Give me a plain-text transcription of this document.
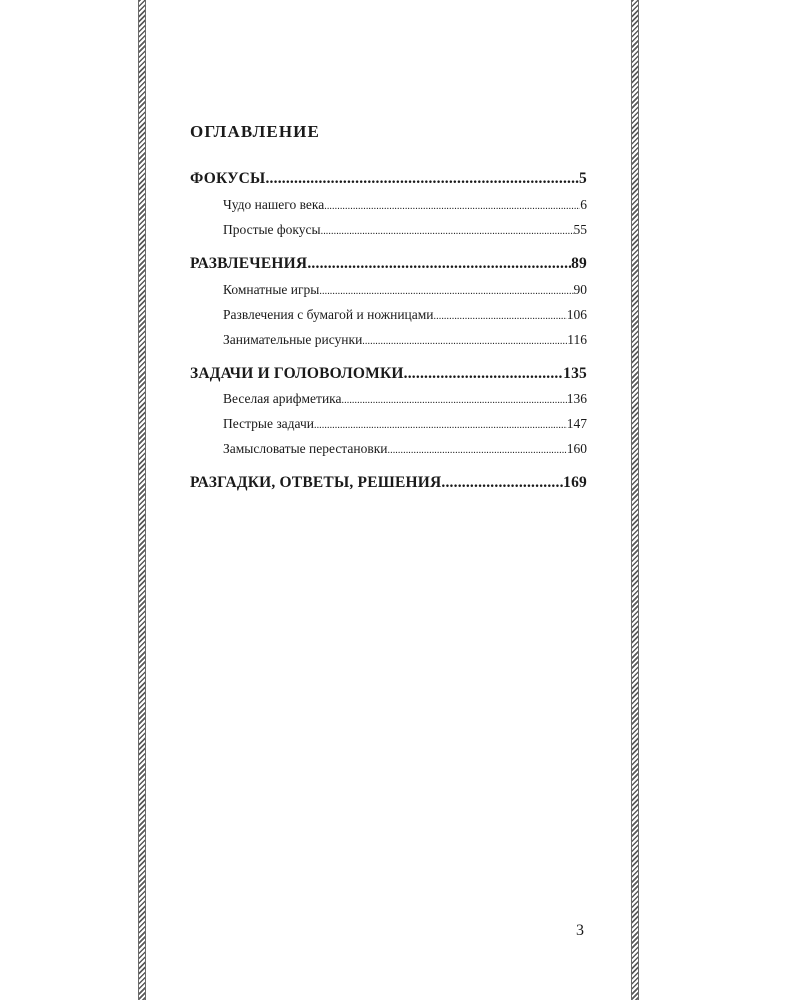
ОГЛАВЛЕНИЕ
ФОКУСЫ .....	5
Чудо нашего века .....	6
Простые фокусы .....	55
РАЗВЛЕЧЕНИЯ .....	89
Комнатные игры .....	90
Развлечения с бумагой и ножницами .....	106
Занимательные рисунки .....	116
ЗАДАЧИ И ГОЛОВОЛОМКИ .....	135
Веселая арифметика .....	136
Пестрые задачи .....	147
Замысловатые перестановки .....	160
РАЗГАДКИ, ОТВЕТЫ, РЕШЕНИЯ .....	169
3
